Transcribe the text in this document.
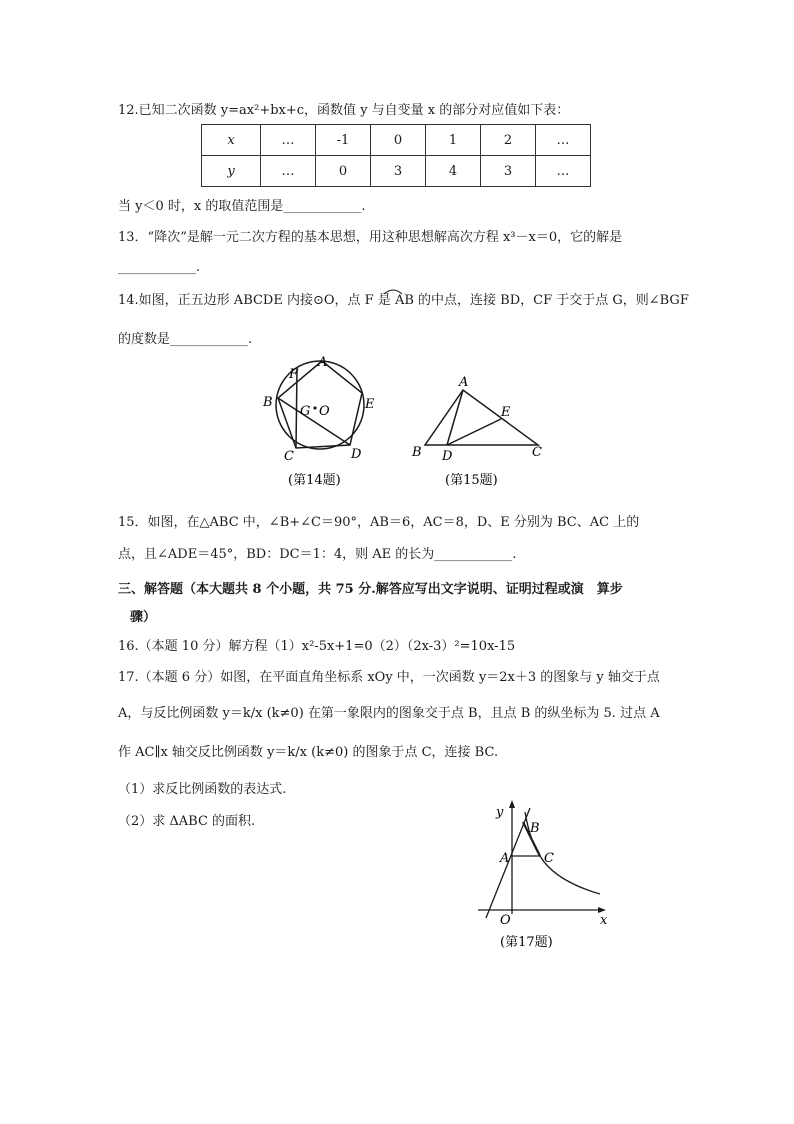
12.已知二次函数 y=ax²+bx+c，函数值 y 与自变量 x 的部分对应值如下表：
x	…	-1	0	1	2	…
y	…	0	3	4	3	…
当 y＜0 时，x 的取值范围是____________.
13．“降次”是解一元二次方程的基本思想，用这种思想解高次方程 x³－x＝0，它的解是
____________.
14.如图，正五边形 ABCDE 内接⊙O，点 F 是 AB 的中点，连接 BD，CF 于交于点 G，则∠BGF
的度数是____________.
A
B
C	D
E
F
G O
(第14题)
A
B D
E
C
(第15题)
15．如图，在△ABC 中，∠B+∠C＝90°，AB＝6，AC＝8，D、E 分别为 BC、AC 上的
点，且∠ADE＝45°，BD：DC＝1：4，则 AE 的长为____________.
三、解答题（本大题共 8 个小题，共 75 分.解答应写出文字说明、证明过程或演　算步
骤）
16.（本题 10 分）解方程（1）x²-5x+1=0（2）（2x-3）²=10x-15
17.（本题 6 分）如图，在平面直角坐标系 xOy 中，一次函数 y＝2x＋3 的图象与 y 轴交于点
A，与反比例函数 y＝k/x (k≠0) 在第一象限内的图象交于点 B，且点 B 的纵坐标为 5. 过点 A
作 AC∥x 轴交反比例函数 y＝k/x (k≠0) 的图象于点 C，连接 BC.
（1）求反比例函数的表达式.
（2）求 ΔABC 的面积.
y
x
O
A
B
C
(第17题)
